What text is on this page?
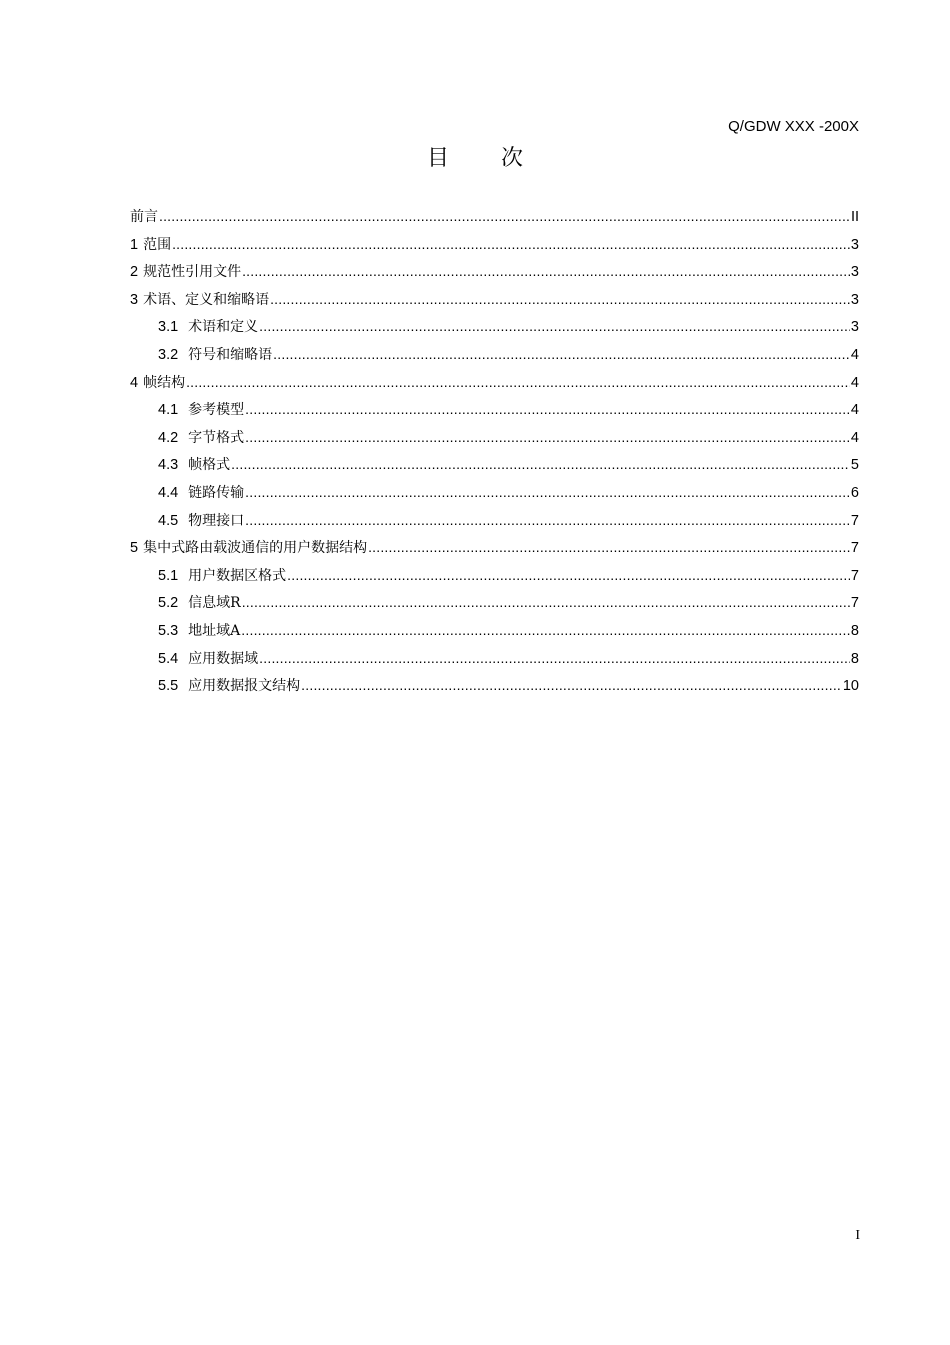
Q/GDW XXX -200X
目 次
前言 .....	II
1 范围 .....	3
2 规范性引用文件 .....	3
3 术语、定义和缩略语 .....	3
3.1 术语和定义 .....	3
3.2 符号和缩略语 .....	4
4 帧结构 .....	4
4.1 参考模型 .....	4
4.2 字节格式 .....	4
4.3 帧格式 .....	5
4.4 链路传输 .....	6
4.5 物理接口 .....	7
5 集中式路由载波通信的用户数据结构 .....	7
5.1 用户数据区格式 .....	7
5.2 信息域R .....	7
5.3 地址域A .....	8
5.4 应用数据域 .....	8
5.5 应用数据报文结构 .....	10
I
